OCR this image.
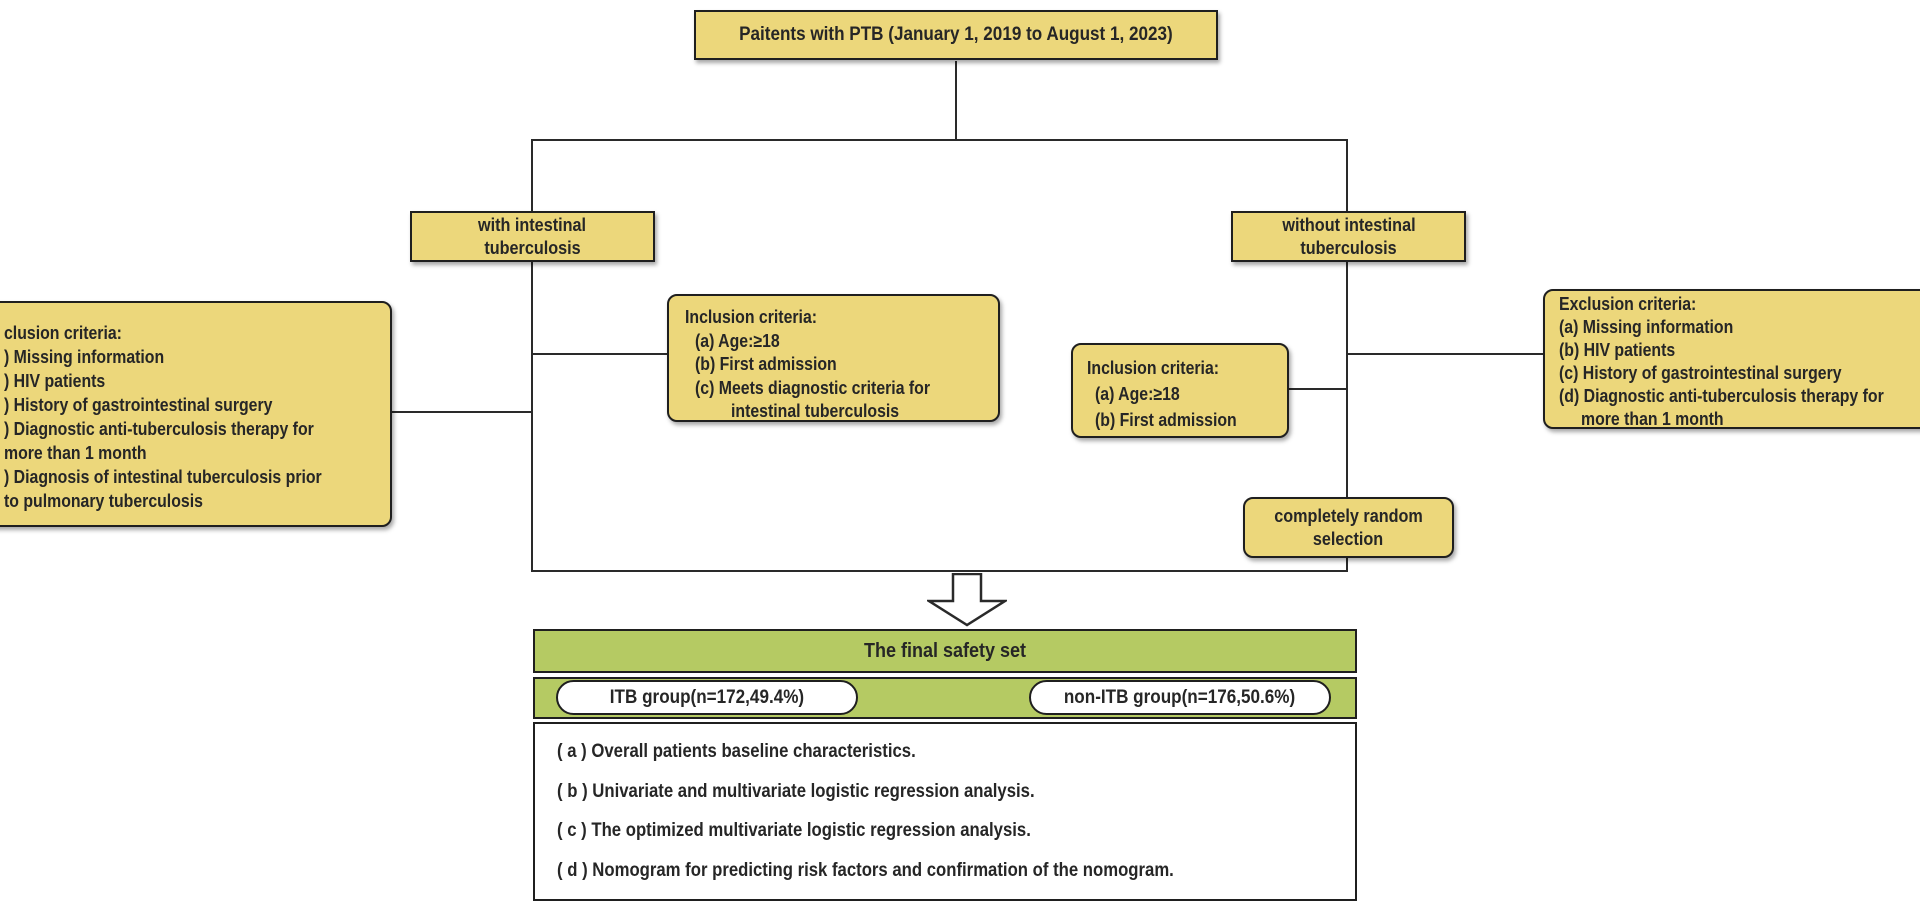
Paitents with PTB (January 1, 2019 to August 1, 2023)
with intestinal
tuberculosis
without intestinal
tuberculosis
clusion criteria:
) Missing information
) HIV patients
) History of gastrointestinal surgery
) Diagnostic anti-tuberculosis therapy for
more than 1 month
) Diagnosis of intestinal tuberculosis prior
to pulmonary tuberculosis
Inclusion criteria:
(a) Age:≥18
(b) First admission
(c) Meets diagnostic criteria for
intestinal tuberculosis
Inclusion criteria:
(a) Age:≥18
(b) First admission
Exclusion criteria:
(a) Missing information
(b) HIV patients
(c) History of gastrointestinal surgery
(d) Diagnostic anti-tuberculosis therapy for
more than 1 month
completely random
selection
The final safety set
ITB group(n=172,49.4%)	non-ITB group(n=176,50.6%)
( a ) Overall patients baseline characteristics.
( b ) Univariate and multivariate logistic regression analysis.
( c ) The optimized multivariate logistic regression analysis.
( d ) Nomogram for predicting risk factors and confirmation of the nomogram.
